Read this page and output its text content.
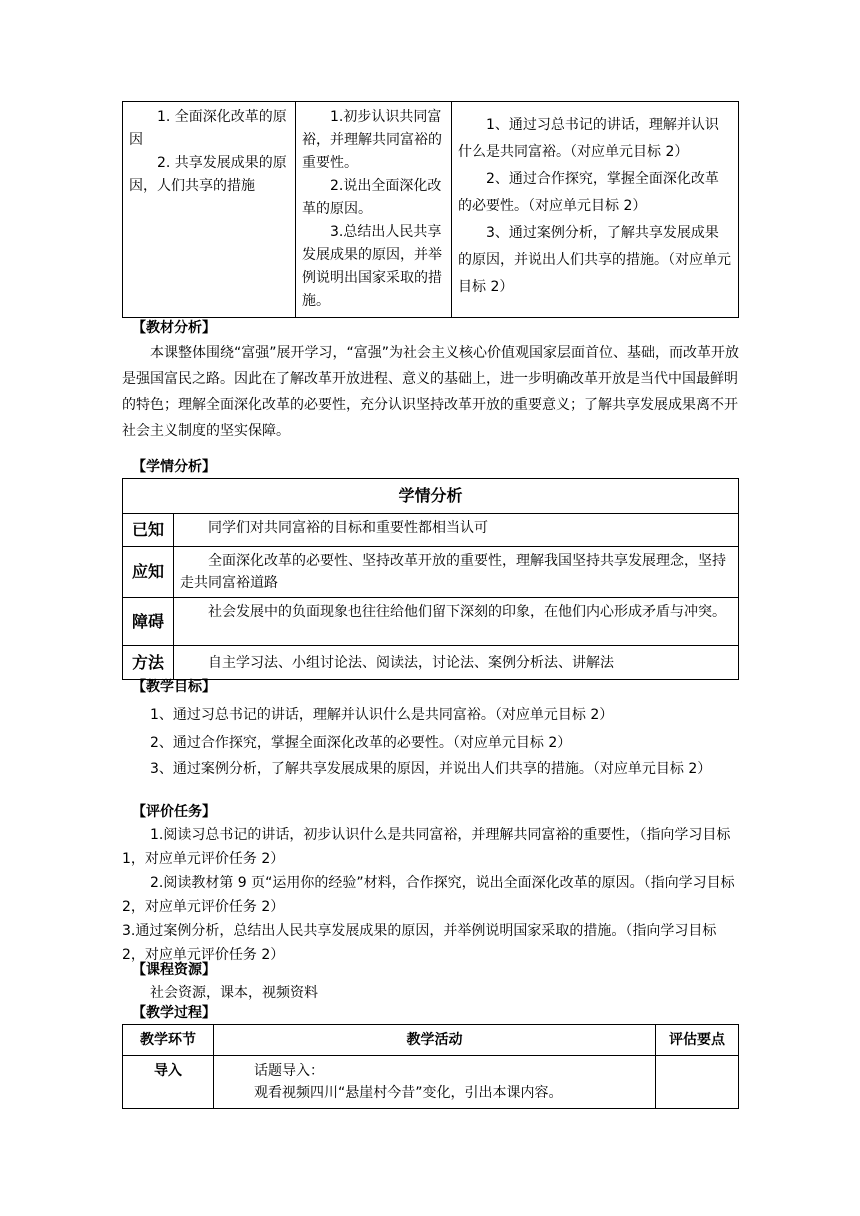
1. 全面深化改革的原因
2. 共享发展成果的原因，人们共享的措施

1.初步认识共同富裕，并理解共同富裕的重要性。
2.说出全面深化改革的原因。
3.总结出人民共享发展成果的原因，并举例说明出国家采取的措施。

1、通过习总书记的讲话，理解并认识什么是共同富裕。（对应单元目标 2）
2、通过合作探究，掌握全面深化改革的必要性。（对应单元目标 2）
3、通过案例分析，了解共享发展成果的原因，并说出人们共享的措施。（对应单元目标 2）
【教材分析】

本课整体围绕“富强”展开学习，“富强”为社会主义核心价值观国家层面首位、基础，而改革开放是强国富民之路。因此在了解改革开放进程、意义的基础上，进一步明确改革开放是当代中国最鲜明的特色；理解全面深化改革的必要性，充分认识坚持改革开放的重要意义；了解共享发展成果离不开社会主义制度的坚实保障。

【学情分析】
学情分析	
已知	同学们对共同富裕的目标和重要性都相当认可
应知	全面深化改革的必要性、坚持改革开放的重要性，理解我国坚持共享发展理念，坚持走共同富裕道路
障碍	社会发展中的负面现象也往往给他们留下深刻的印象，在他们内心形成矛盾与冲突。
方法	自主学习法、小组讨论法、阅读法，讨论法、案例分析法、讲解法
【教学目标】

1、通过习总书记的讲话，理解并认识什么是共同富裕。（对应单元目标 2）

2、通过合作探究，掌握全面深化改革的必要性。（对应单元目标 2）

3、通过案例分析，了解共享发展成果的原因，并说出人们共享的措施。（对应单元目标 2）

【评价任务】

1.阅读习总书记的讲话，初步认识什么是共同富裕，并理解共同富裕的重要性，（指向学习目标 1，对应单元评价任务 2）

2.阅读教材第 9 页“运用你的经验”材料，合作探究，说出全面深化改革的原因。（指向学习目标 2，对应单元评价任务 2）

3.通过案例分析，总结出人民共享发展成果的原因，并举例说明国家采取的措施。（指向学习目标 2，对应单元评价任务 2）

【课程资源】

社会资源，课本，视频资料

【教学过程】
教学环节	教学活动	评估要点
导入	话题导入：
观看视频四川“悬崖村今昔”变化，引出本课内容。	
